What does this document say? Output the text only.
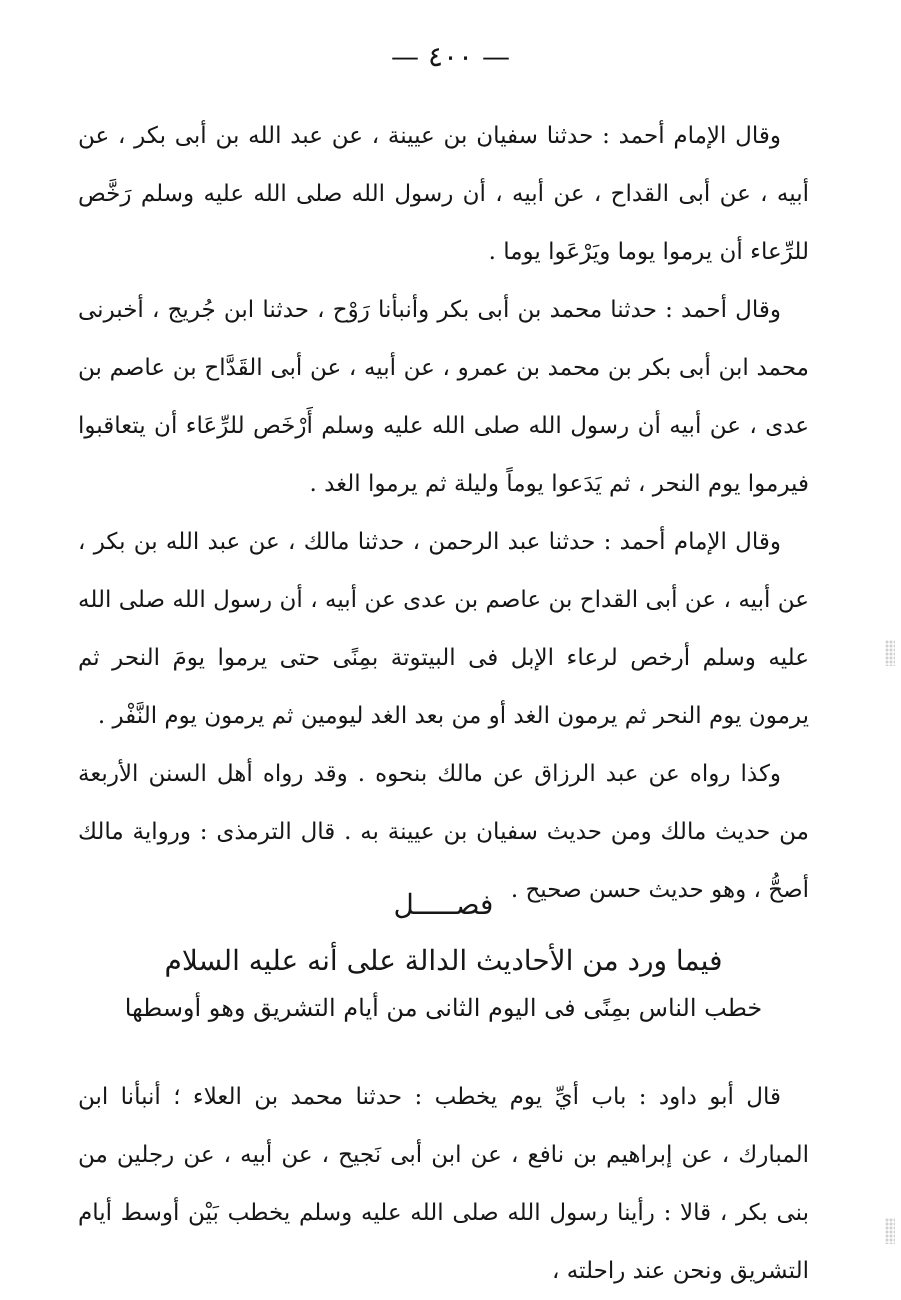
— ٤٠٠ —

وقال الإمام أحمد : حدثنا سفيان بن عيينة ، عن عبد الله بن أبى بكر ، عن أبيه ، عن أبى القداح ، عن أبيه ، أن رسول الله صلى الله عليه وسلم رَخَّص للرِّعاء أن يرموا يوما ويَرْعَوا يوما .

وقال أحمد : حدثنا محمد بن أبى بكر وأنبأنا رَوْح ، حدثنا ابن جُريج ، أخبرنى محمد ابن أبى بكر بن محمد بن عمرو ، عن أبيه ، عن أبى القَدَّاح بن عاصم بن عدى ، عن أبيه أن رسول الله صلى الله عليه وسلم أَرْخَص للرِّعَاء أن يتعاقبوا فيرموا يوم النحر ، ثم يَدَعوا يوماً وليلة ثم يرموا الغد .

وقال الإمام أحمد : حدثنا عبد الرحمن ، حدثنا مالك ، عن عبد الله بن بكر ، عن أبيه ، عن أبى القداح بن عاصم بن عدى عن أبيه ، أن رسول الله صلى الله عليه وسلم أرخص لرعاء الإبل فى البيتوتة بمِنًى حتى يرموا يومَ النحر ثم يرمون يوم النحر ثم يرمون الغد أو من بعد الغد ليومين ثم يرمون يوم النَّفْر .

وكذا رواه عن عبد الرزاق عن مالك بنحوه . وقد رواه أهل السنن الأربعة من حديث مالك ومن حديث سفيان بن عيينة به . قال الترمذى : ورواية مالك أصحُّ ، وهو حديث حسن صحيح .

فصـــــل
فيما ورد من الأحاديث الدالة على أنه عليه السلام
خطب الناس بمِنًى فى اليوم الثانى من أيام التشريق وهو أوسطها

قال أبو داود : باب أيِّ يوم يخطب : حدثنا محمد بن العلاء ؛ أنبأنا ابن المبارك ، عن إبراهيم بن نافع ، عن ابن أبى نَجيح ، عن أبيه ، عن رجلين من بنى بكر ، قالا : رأينا رسول الله صلى الله عليه وسلم يخطب بَيْن أوسط أيام التشريق ونحن عند راحلته ،
